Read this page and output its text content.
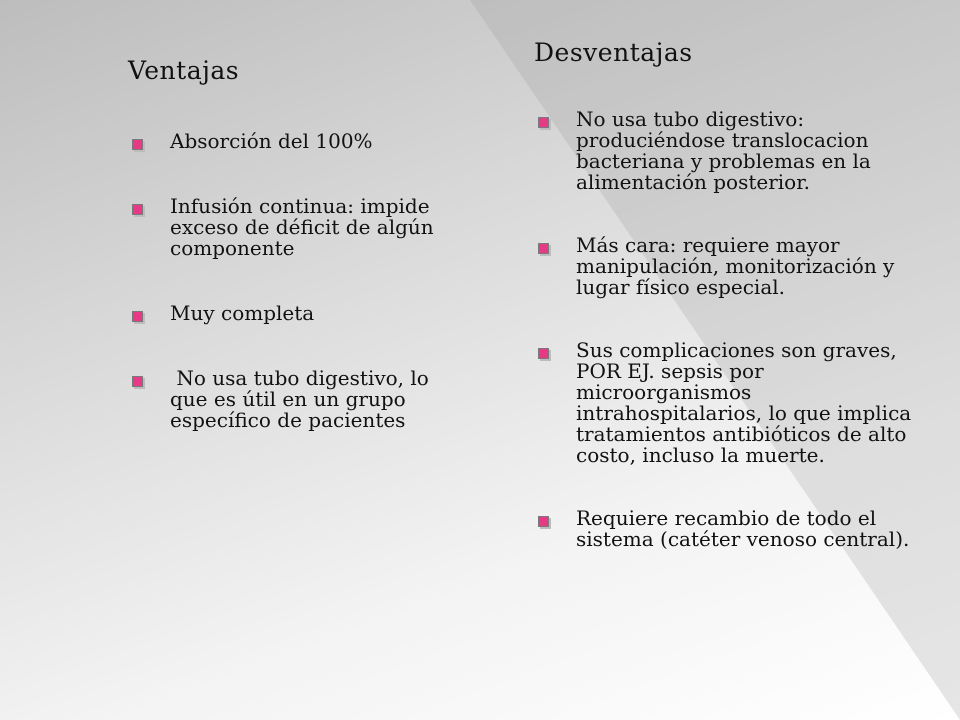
Ventajas
Absorción del 100%
Infusión continua: impide exceso de déficit de algún componente
Muy completa
No usa tubo digestivo, lo que es útil en un grupo específico de pacientes
Desventajas
No usa tubo digestivo: produciéndose translocacion bacteriana y problemas en la alimentación posterior.
Más cara: requiere mayor manipulación, monitorización y lugar físico especial.
Sus complicaciones son graves, POR EJ. sepsis por microorganismos intrahospitalarios, lo que implica tratamientos antibióticos de alto costo, incluso la muerte.
Requiere recambio de todo el sistema (catéter venoso central).
